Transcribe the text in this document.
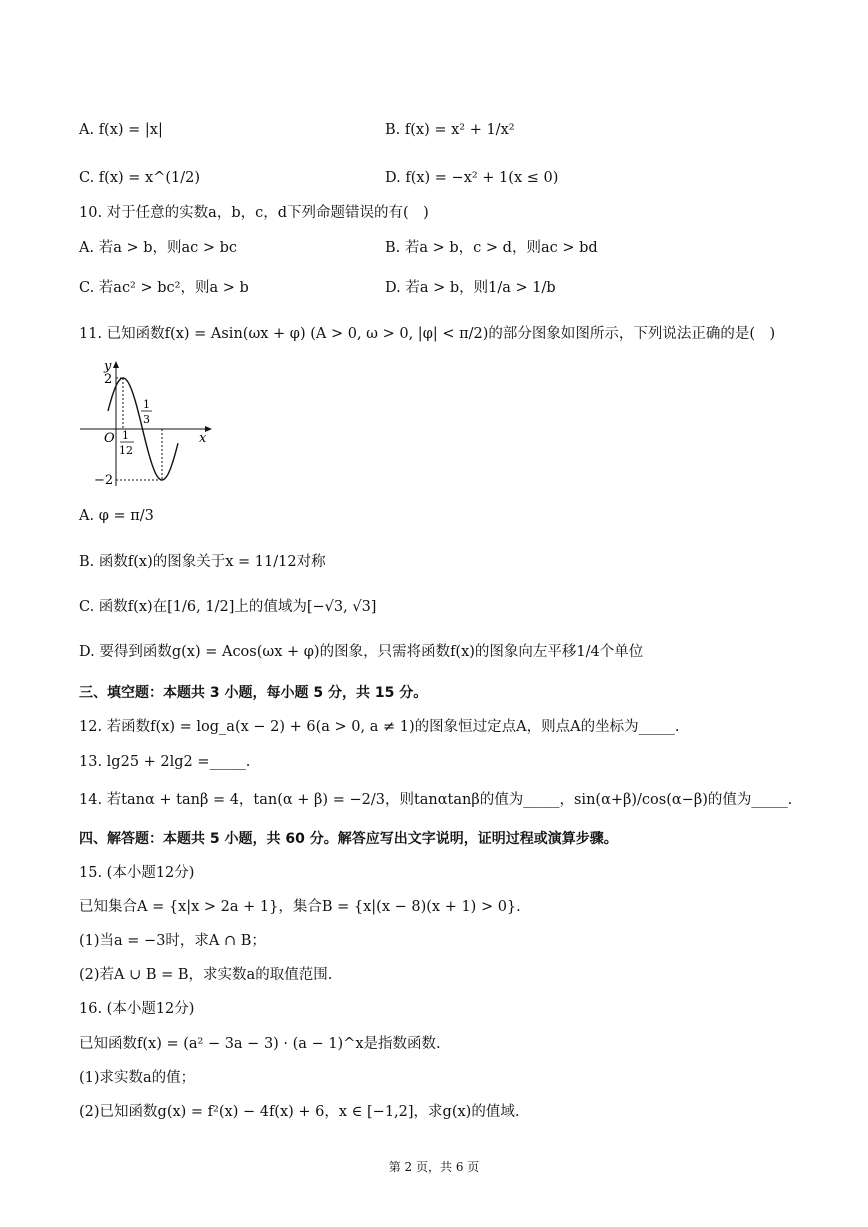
A. f(x) = |x|	B. f(x) = x² + 1/x²
C. f(x) = x^(1/2)	D. f(x) = −x² + 1(x ≤ 0)
10. 对于任意的实数a，b，c，d下列命题错误的有(　)
A. 若a > b，则ac > bc	B. 若a > b，c > d，则ac > bd
C. 若ac² > bc²，则a > b	D. 若a > b，则1/a > 1/b
11. 已知函数f(x) = Asin(ωx + φ) (A > 0, ω > 0, |φ| < π/2)的部分图象如图所示，下列说法正确的是(　)
y
2
x
O
−2
1
12
1
3
A. φ = π/3
B. 函数f(x)的图象关于x = 11/12对称
C. 函数f(x)在[1/6, 1/2]上的值域为[−√3, √3]
D. 要得到函数g(x) = Acos(ωx + φ)的图象，只需将函数f(x)的图象向左平移1/4个单位
三、填空题：本题共 3 小题，每小题 5 分，共 15 分。
12. 若函数f(x) = log_a(x − 2) + 6(a > 0, a ≠ 1)的图象恒过定点A，则点A的坐标为_____.
13. lg25 + 2lg2 =_____.
14. 若tanα + tanβ = 4，tan(α + β) = −2/3，则tanαtanβ的值为_____，sin(α+β)/cos(α−β)的值为_____.
四、解答题：本题共 5 小题，共 60 分。解答应写出文字说明，证明过程或演算步骤。
15. (本小题12分)
已知集合A = {x|x > 2a + 1}，集合B = {x|(x − 8)(x + 1) > 0}.
(1)当a = −3时，求A ∩ B；
(2)若A ∪ B = B，求实数a的取值范围.
16. (本小题12分)
已知函数f(x) = (a² − 3a − 3) · (a − 1)^x是指数函数.
(1)求实数a的值；
(2)已知函数g(x) = f²(x) − 4f(x) + 6，x ∈ [−1,2]，求g(x)的值域.
第 2 页，共 6 页
